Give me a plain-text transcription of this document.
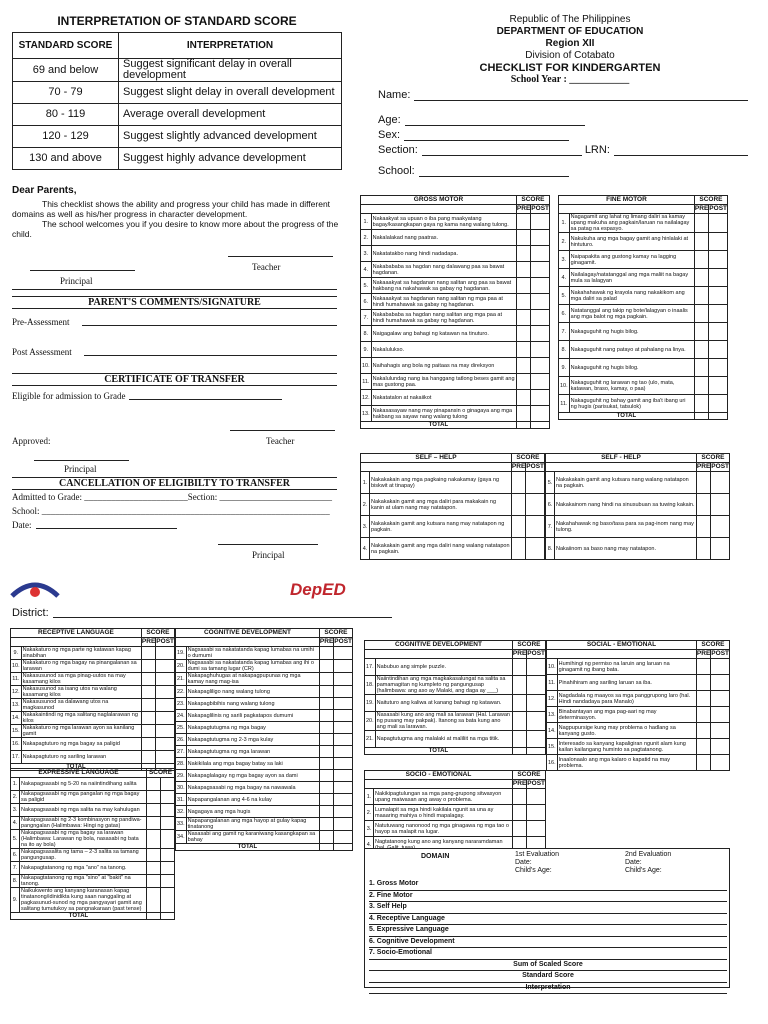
INTERPRETATION OF STANDARD SCORE
STANDARD SCORE	INTERPRETATION
69 and below	Suggest significant delay in overall development
70 - 79	Suggest slight delay in overall development
80 - 119	Average overall development
120 - 129	Suggest slightly advanced development
130 and above	Suggest highly advance development
Republic of The Philippines
DEPARTMENT OF EDUCATION
Region XII
Division of Cotabato
CHECKLIST FOR KINDERGARTEN
School Year : ____________
Name:
Age:
Sex:
Section:
	LRN:
School:
Dear Parents,
This checklist shows the ability and progress your child has made in different domains as well as his/her progress in character development.
The school welcomes you if you desire to know more about the progress of the child.
Teacher
Principal
PARENT'S COMMENTS/SIGNATURE
Pre-Assessment
Post Assessment
CERTIFICATE OF TRANSFER
Eligible for admission to Grade
Approved:	Teacher
Principal
CANCELLATION OF ELIGIBILTY TO TRANSFER
Admitted to Grade: _______________________Section: _________________________
School: ________________________________________________________________
Date:
Principal
GROSS MOTOR		SCORE	
		PRE	POST
1.	Nakaakyat sa upuan o iba pang maakyatang bagay/kasangkapan gaya ng kama nang walang tulong.		
2.	Nakalalakad nang paatras.		
3.	Nakatatakbo nang hindi nadadapa.		
4.	Nakabababa sa hagdan nang dalawang paa sa bawat hagdanan.		
5.	Nakaaakyat sa hagdanan nang salitan ang paa sa bawat hakbang na nakahawak sa gabay ng hagdanan.		
6.	Nakaaakyat sa hagdanan nang salitan ng mga paa at hindi humahawak sa gabay ng hagdanan.		
7.	Nakabababa sa hagdan nang salitan ang mga paa at hindi humahawak sa gabay ng hagdanan.		
8.	Naigagalaw ang bahagi ng katawan na tinuturo.		
9.	Nakalulukso.		
10.	Naihahagis ang bola ng paitaas na may direksyon		
11.	Nakalulundag nang isa hanggang tatlong beses gamit ang mas gustong paa.		
12.	Nakatatalon at nakaiikot		
13.	Nakasasayaw nang may pinapansin o ginagaya ang mga hakbang sa sayaw nang walang tulong		
TOTAL			
FINE MOTOR		SCORE	
		PRE	POST
1.	Nagagamit ang lahat ng limang daliri sa kamay upang makuha ang pagkain/laruan na nailalagay sa patag na espasyo.		
2.	Nakukuha ang mga bagay gamit ang hinlalaki at hintuturo.		
3.	Naipapakita ang gustong kamay na lagging ginagamit.		
4.	Nailalagay/natatanggal ang mga maliit na bagay mula sa lalagyan		
5.	Nakahahawak ng krayola nang nakakikom ang mga daliri sa palad		
6.	Natatanggal ang takip ng bote/lalagyan o inaalis ang mga balot ng mga pagkain.		
7.	Nakaguguhit ng hugis bilog.		
8.	Nakaguguhit nang patayo at pahalang na linya.		
9.	Nakaguguhit ng hugis bilog.		
10.	Nakaguguhit ng larawan ng tao (ulo, mata, katawan, braso, kamay, o paa)		
11.	Nakaguguhit ng bahay gamit ang iba't ibang uri ng hugis (parisukat, tatsulok)		
TOTAL			
SELF – HELP		SCORE	
		PRE	POST
1.	Nakakakain ang mga pagkaing nakakamay (gaya ng biskwit at tinapay)		
2.	Nakakakain gamit ang mga daliri para makakain ng kanin at ulam nang may natatapon.		
3.	Nakakakain gamit ang kutsara nang may natatapon ng pagkain.		
4.	Nakakakain gamit ang mga daliri nang walang natatapon na pagkain.		
SELF - HELP		SCORE	
		PRE	POST
5.	Nakakakain gamit ang kutsara nang walang natatapon na pagkain.		
6.	Nakakainom nang hindi na sinusubuan sa tuwing kakain.		
7.	Nakahahawak ng baso/tasa para sa pag-inom nang may tulong.		
8.	Nakaiinom sa baso nang may natatapon.		
DepED
District:
RECEPTIVE LANGUAGE		SCORE	
		PRE	POST
9.	Nakakaturo ng mga parte ng katawan kapag sinabihan		
10.	Nakakaturo ng mga bagay na pinangalanan sa larawan		
11.	Nakasusunod sa mga pinag-uutos na may kasamang kilos		
12.	Nakasusunod sa isang utos na walang kasamang kilos		
13.	Nakasusunod sa dalawang utos na magkasunod		
14.	Nakakaintindi ng mga salitang naglalarawan ng kilos		
15.	Nakakaturo ng mga larawan ayon sa kanilang gamit		
16.	Nakapagtuturo ng mga bagay sa paligid		
17.	Nakapagtuturo ng sariling larawan		
TOTAL			
EXPRESSIVE LANGUAGE		SCORE	
1.	Nakapagsasabi ng 5-20 na naiintindihang salita		
2.	Nakapagsasabi ng mga pangalan ng mga bagay sa paligid		
3.	Nakapagsasabi ng mga salita na may kahulugan		
4.	Nakapagsasabi ng 2-3 kombinasyon ng pandiwa-pangngalan (Halimbawa: Hingi ng gatas)		
5.	Nakapagsasabi ng mga bagay sa larawan (Halimbawa: Larawan ng bola, nasasabi ng bata na ito ay bola)		
6.	Nakapagsasalita ng tama – 2-3 salita sa tamang pangungusap.		
7.	Nakapagtatanong ng mga "ano" na tanong.		
8.	Nakapagtatanong ng mga "sino" at "bakit" na tanong.		
9.	Naikukwento ang kanyang karanasan kapag tinatanong/idinidikta kung saan nanggaling at pagkasunud-sunod ng mga pangyayari gamit ang salitang tumutukoy sa pangnakaraan (past tense)		
TOTAL			
COGNITIVE DEVELOPMENT		SCORE	
		PRE	POST
19.	Nagsasabi sa nakatatanda kapag lumabas na umihi o dumumi		
20.	Nagsasabi sa nakatatanda kapag lumabas ang ihi o dumi sa tamang lugar (CR)		
21.	Nakapaghuhugas at nakapagpupunas ng mga kamay nang mag-isa		
22.	Nakapagliligo nang walang tulong		
23.	Nakapagbibihis nang walang tulong		
24.	Nakapaglilinis ng sarili pagkatapos dumumi		
25.	Nakapagtutugma ng mga bagay		
26.	Nakapagtutugma ng 2-3 mga kulay		
27.	Nakapagtutugma ng mga larawan		
28.	Nakikilala ang mga bagay batay sa laki		
29.	Nakapaglalagay ng mga bagay ayon sa dami		
30.	Nakapagsasabi ng mga bagay na nawawala		
31.	Napapangalanan ang 4-6 na kulay		
32.	Nagagaya ang mga hugis		
33.	Napapangalanan ang mga hayop at gulay kapag tinatanong		
34.	Nasasabi ang gamit ng karaniwang kasangkapan sa bahay		
TOTAL			
COGNITIVE DEVELOPMENT		SCORE	
		PRE	POST
17.	Nabubuo ang simple puzzle.		
18.	Naiintindihan ang mga magkakasalungat na salita sa pamamagitan ng kumpleto ng pangungusap (halimbawa: ang aso ay Malaki, ang daga ay ___)		
19.	Naituturo ang kaliwa at kanang bahagi ng katawan.		
20.	Nasasabi kung ano ang mali sa larawan (Hal. Larawan ng pusang may pakpak). Itanong sa bata kung ano ang mali sa larawan.		
21.	Napagtutugma ang malalaki at maliliit na mga titik.		
TOTAL			
SOCIO - EMOTIONAL		SCORE	
		PRE	POST
1.	Nakikipagtulungan sa mga pang-grupong sitwasyon upang maiwasan ang away o problema.		
2.	Lumalapit sa mga hindi kakilala ngunit sa una ay maaaring mahiya o hindi mapalagay.		
3.	Natutuwang nanonood ng mga ginagawa ng mga tao o hayop sa malapit na lugar.		
4.	Nagtatanong kung ano ang kanyang nararamdaman		
SOCIAL - EMOTIONAL		SCORE	
		PRE	POST
10.	Humihingi ng permiso na laruin ang laruan na ginagamit ng ibang bata.		
11.	Pinahihiram ang sariling laruan sa iba.		
12.	Nagdadala ng maayos sa mga panggrupong laro (hal. Hindi nandadaya para Manalo)		
13.	Binabantayan ang mga pag-aari ng may determinasyon.		
14.	Nagpupursige kung may problema o hadlang sa kanyang gusto.		
15.	Interesado sa kanyang kapaligiran ngunit alam kung kailan kailangang huminto sa pagtatanong.		
16.	Inaalonaalo ang mga kalaro o kapatid na may problema.		
DOMAIN	1st Evaluation
Date:
Child's Age:
2nd Evaluation
Date:
Child's Age:
1. Gross Motor
2. Fine Motor
3. Self Help
4. Receptive Language
5. Expressive Language
6. Cognitive Development
7. Socio-Emotional
Sum of Scaled Score
Standard Score
Interpretation
